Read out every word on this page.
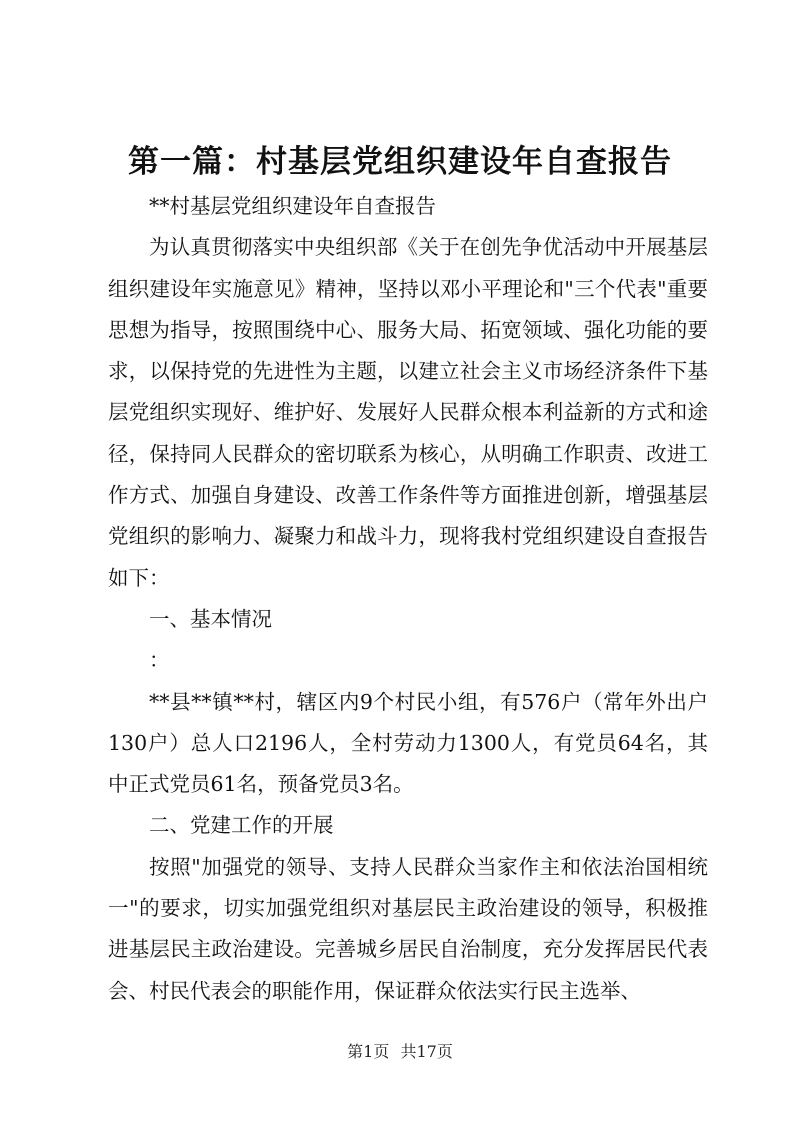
第一篇：村基层党组织建设年自查报告

**村基层党组织建设年自查报告

为认真贯彻落实中央组织部《关于在创先争优活动中开展基层组织建设年实施意见》精神，坚持以邓小平理论和"三个代表"重要思想为指导，按照围绕中心、服务大局、拓宽领域、强化功能的要求，以保持党的先进性为主题，以建立社会主义市场经济条件下基层党组织实现好、维护好、发展好人民群众根本利益新的方式和途径，保持同人民群众的密切联系为核心，从明确工作职责、改进工作方式、加强自身建设、改善工作条件等方面推进创新，增强基层党组织的影响力、凝聚力和战斗力，现将我村党组织建设自查报告如下：

一、基本情况

：

**县**镇**村，辖区内9个村民小组，有576户（常年外出户130户）总人口2196人，全村劳动力1300人，有党员64名，其中正式党员61名，预备党员3名。

二、党建工作的开展

按照"加强党的领导、支持人民群众当家作主和依法治国相统一"的要求，切实加强党组织对基层民主政治建设的领导，积极推进基层民主政治建设。完善城乡居民自治制度，充分发挥居民代表会、村民代表会的职能作用，保证群众依法实行民主选举、

第1页 共17页
